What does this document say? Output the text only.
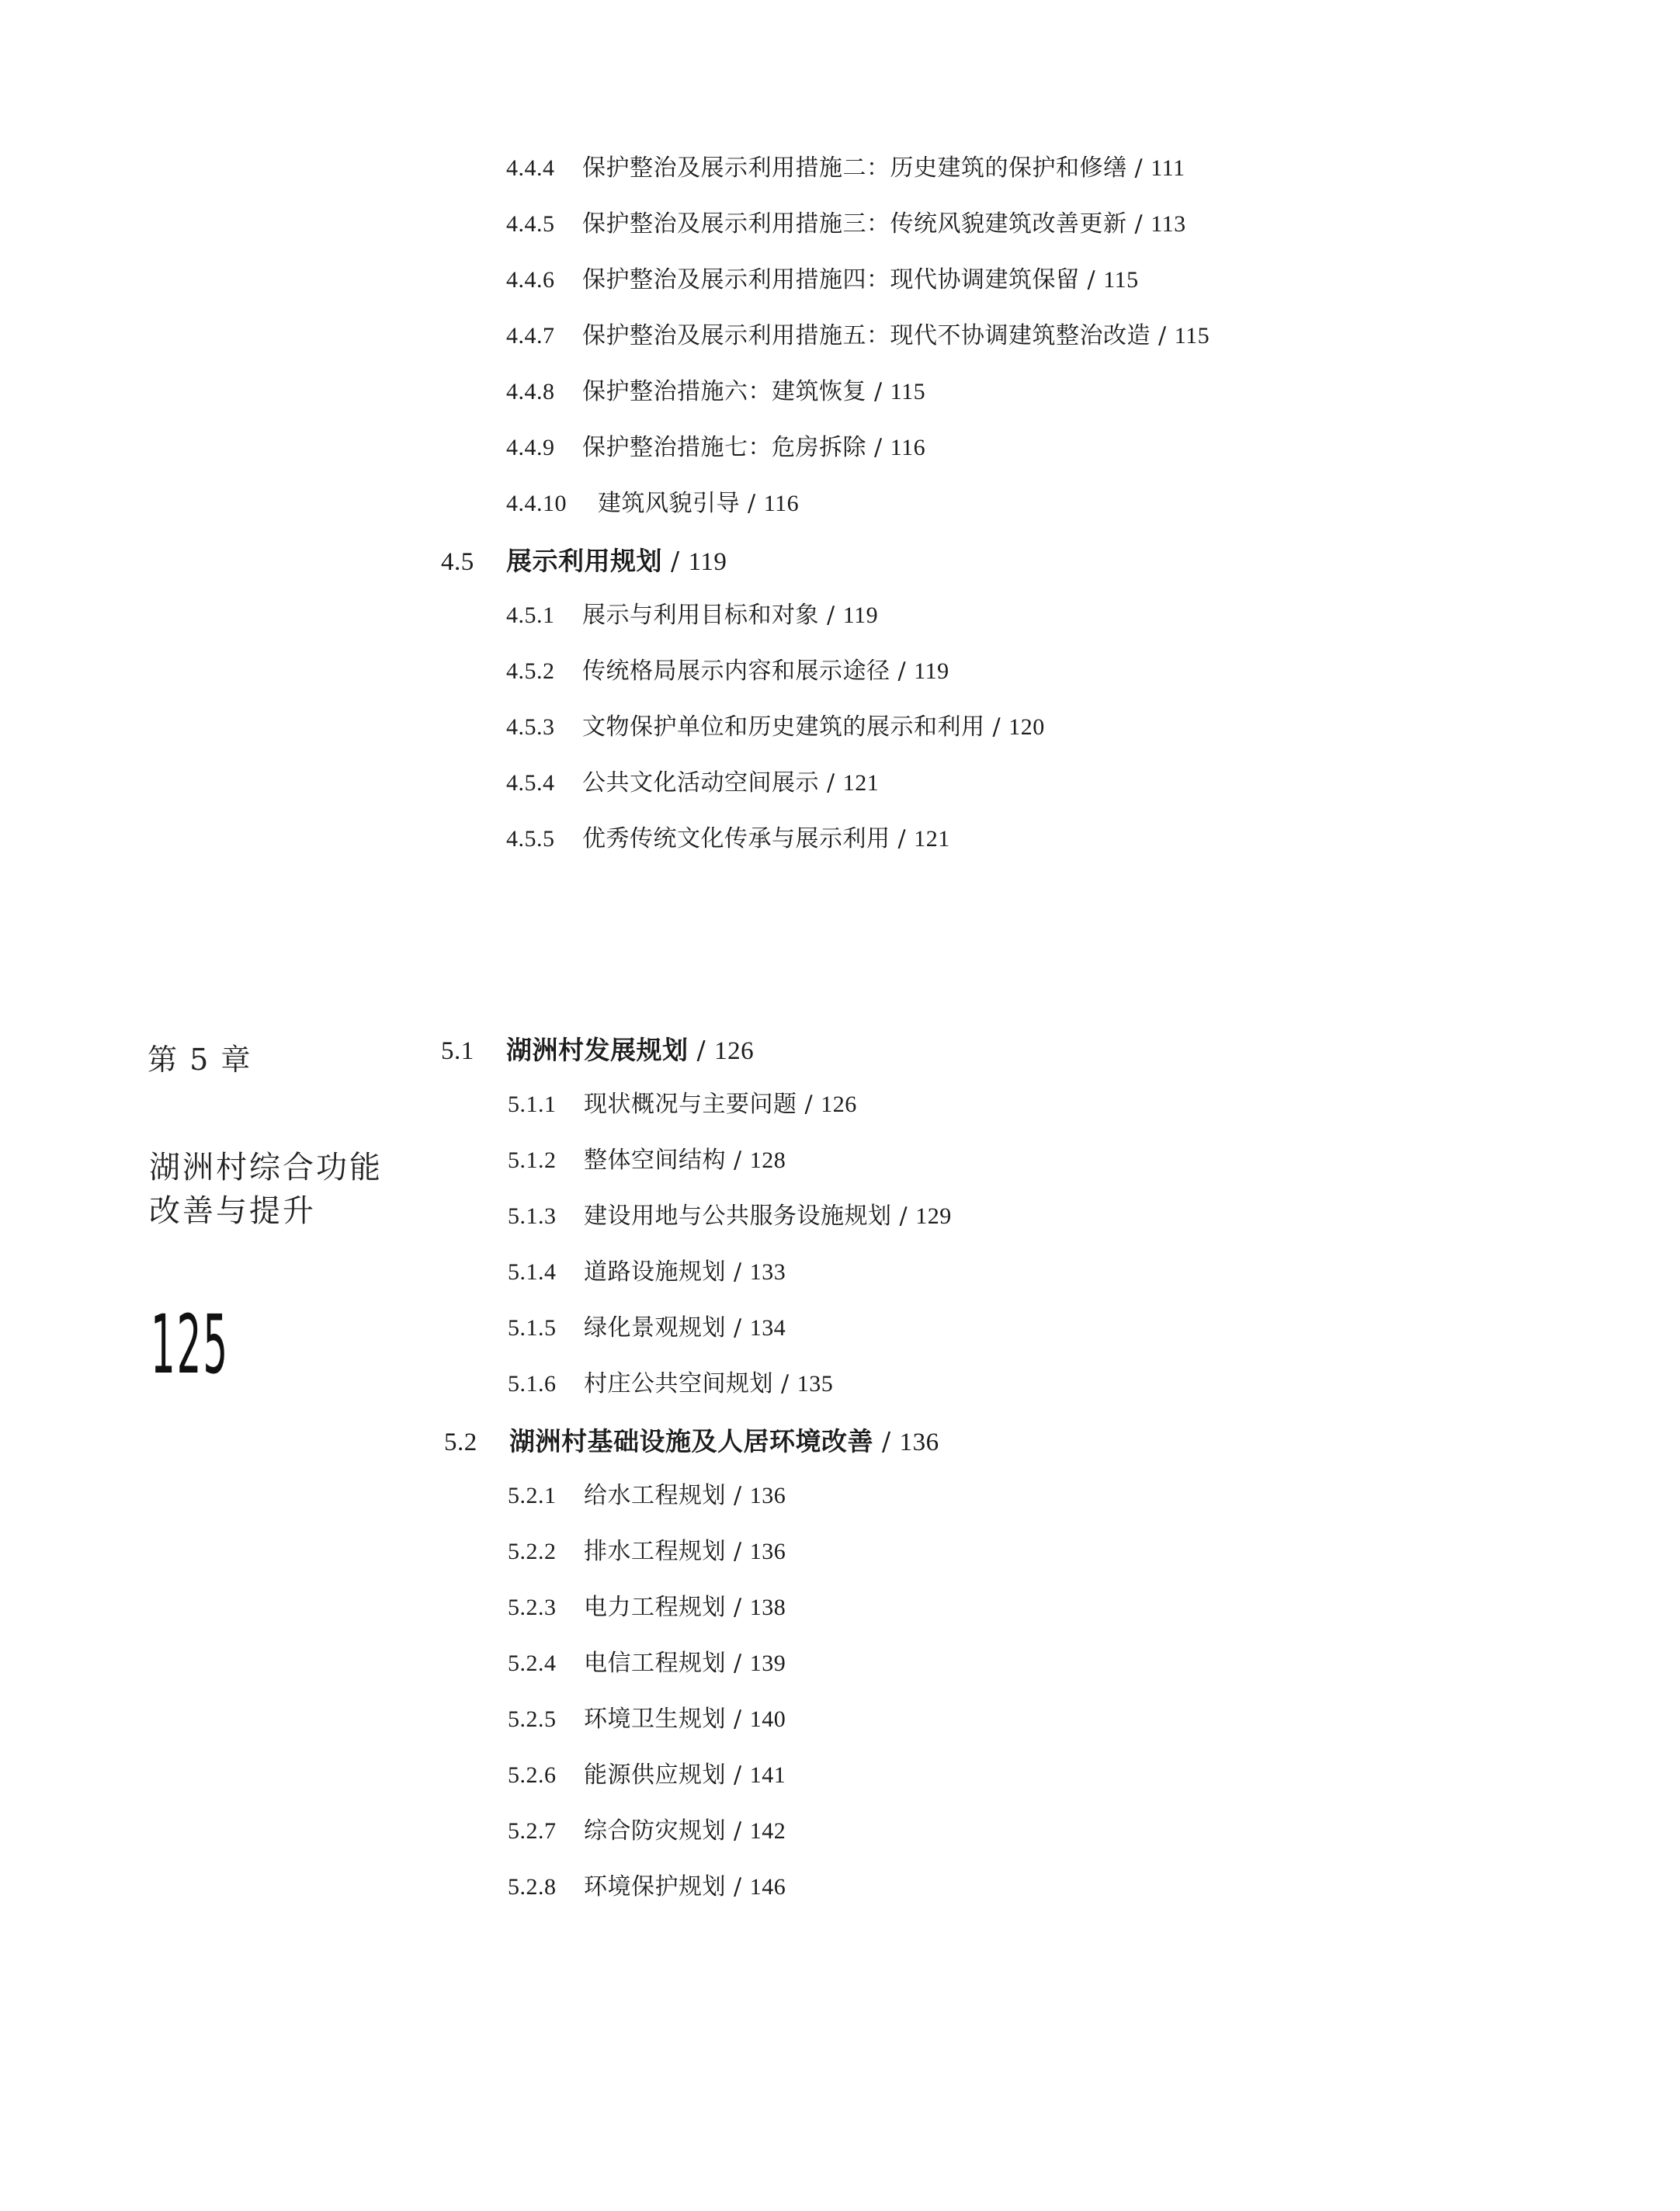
4.4.4 保护整治及展示利用措施二：历史建筑的保护和修缮 / 111
4.4.5 保护整治及展示利用措施三：传统风貌建筑改善更新 / 113
4.4.6 保护整治及展示利用措施四：现代协调建筑保留 / 115
4.4.7 保护整治及展示利用措施五：现代不协调建筑整治改造 / 115
4.4.8 保护整治措施六：建筑恢复 / 115
4.4.9 保护整治措施七：危房拆除 / 116
4.4.10 建筑风貌引导 / 116
4.5 展示利用规划 / 119
4.5.1 展示与利用目标和对象 / 119
4.5.2 传统格局展示内容和展示途径 / 119
4.5.3 文物保护单位和历史建筑的展示和利用 / 120
4.5.4 公共文化活动空间展示 / 121
4.5.5 优秀传统文化传承与展示利用 / 121
第 5 章
湖洲村综合功能
改善与提升
125
5.1 湖洲村发展规划 / 126
5.1.1 现状概况与主要问题 / 126
5.1.2 整体空间结构 / 128
5.1.3 建设用地与公共服务设施规划 / 129
5.1.4 道路设施规划 / 133
5.1.5 绿化景观规划 / 134
5.1.6 村庄公共空间规划 / 135
5.2 湖洲村基础设施及人居环境改善 / 136
5.2.1 给水工程规划 / 136
5.2.2 排水工程规划 / 136
5.2.3 电力工程规划 / 138
5.2.4 电信工程规划 / 139
5.2.5 环境卫生规划 / 140
5.2.6 能源供应规划 / 141
5.2.7 综合防灾规划 / 142
5.2.8 环境保护规划 / 146
